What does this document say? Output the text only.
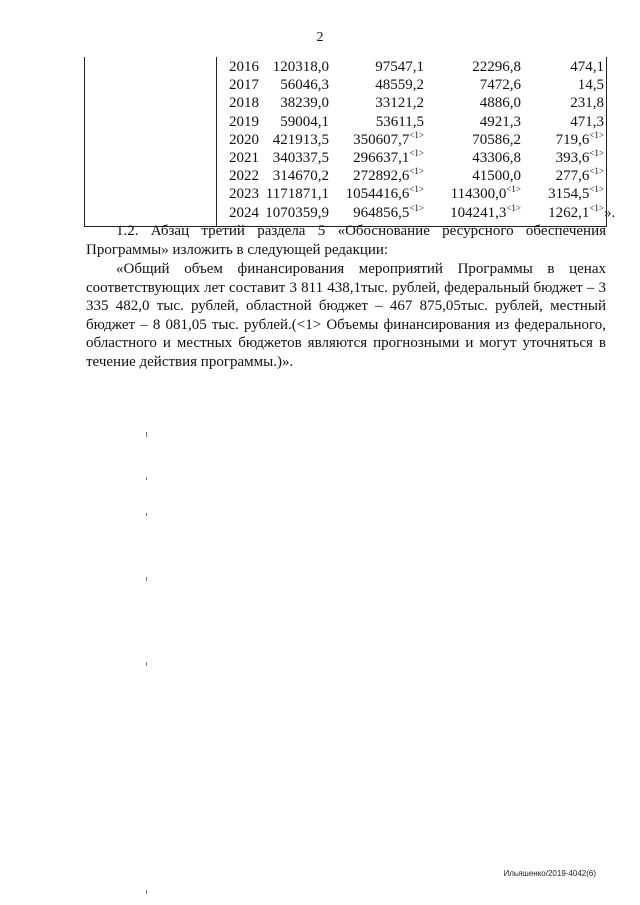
2

2016 120318,0	97547,1	22296,8	474,1
2017	56046,3	48559,2	7472,6	14,5
2018	38239,0	33121,2	4886,0	231,8
2019	59004,1	53611,5	4921,3	471,3
2020 421913,5	$350607,7^{<1>}$	70586,2	$719,6^{<1>}$
2021 340337,5	$296637,1^{<1>}$	43306,8	$393,6^{<1>}$
2022 314670,2	$272892,6^{<1>}$	41500,0	$277,6^{<1>}$
2023 1171871,1	$1054416,6^{<1>}$	$114300,0^{<1>}$	$3154,5^{<1>}$
2024 1070359,9	$964856,5^{<1>}$	$104241,3^{<1>}$	$1262,1^{<1>}$ ».
1.2. Абзац третий раздела 5 «Обоснование ресурсного обеспечения Программы» изложить в следующей редакции:
«Общий объем финансирования мероприятий Программы в ценах соответствующих лет составит 3 811 438,1тыс. рублей, федеральный бюджет – 3 335 482,0 тыс. рублей, областной бюджет – 467 875,05тыс. рублей, местный бюджет – 8 081,05 тыс. рублей.(<1> Объемы финансирования из федерального, областного и местных бюджетов являются прогнозными и могут уточняться в течение действия программы.)».
Ильяшенко/2019-4042(6)
